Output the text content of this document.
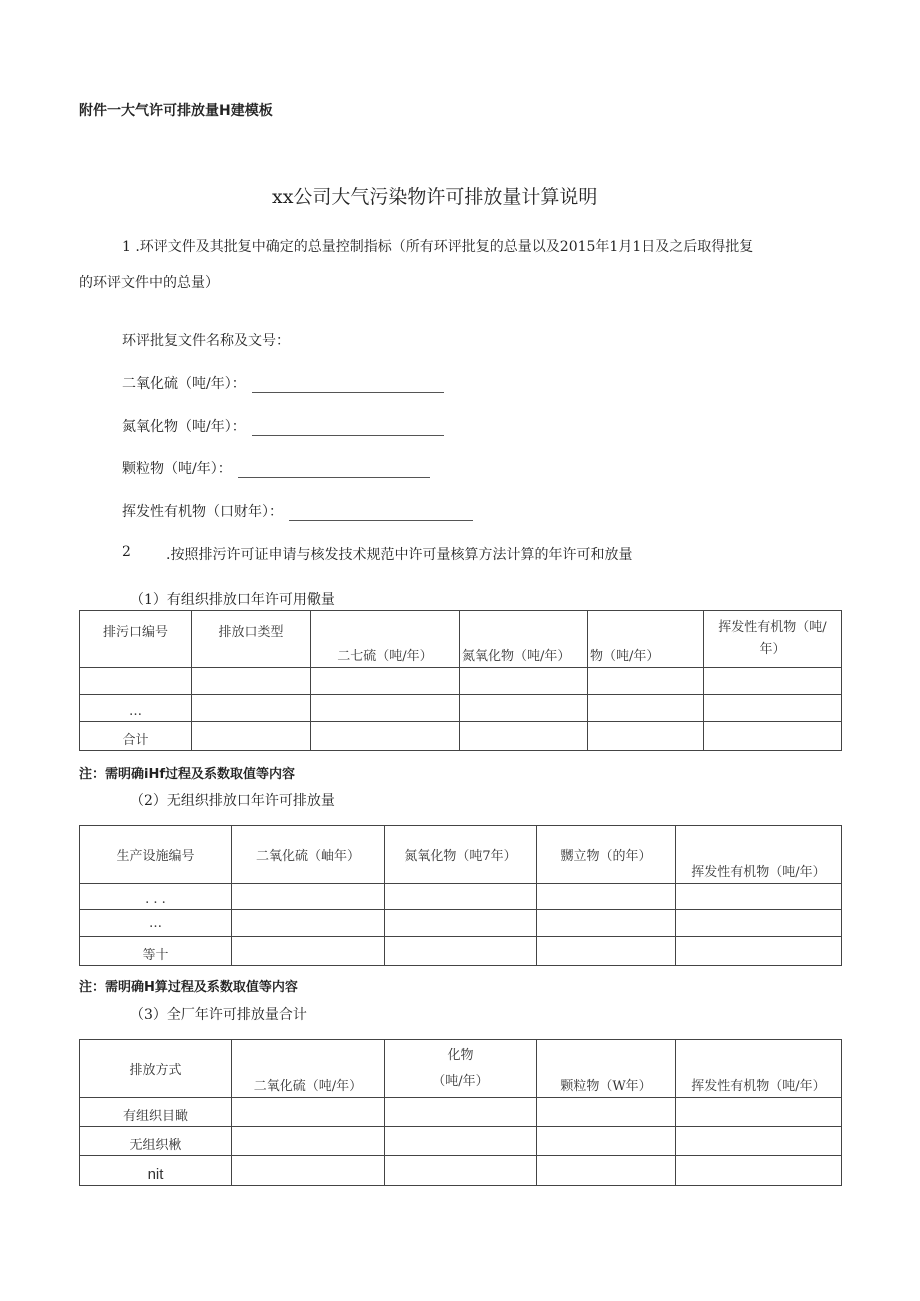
附件一大气许可排放量H建模板
xx公司大气污染物许可排放量计算说明
1 .环评文件及其批复中确定的总量控制指标（所有环评批复的总量以及2015年1月1日及之后取得批复
的环评文件中的总量）
环评批复文件名称及文号：
二氧化硫（吨/年）：
氮氧化物（吨/年）：
颗粒物（吨/年）：
挥发性有机物（口财年）：
2	.按照排污许可证申请与核发技术规范中许可量核算方法计算的年许可和放量
（1）有组织排放口年许可用儆量
排污口编号	排放口类型	二七硫（吨/年）	氮氧化物（吨/年）	物（吨/年）	挥发性有机物（吨/
年）

…					
合计					
注：需明确iHf过程及系数取值等内容
（2）无组织排放口年许可排放量
生产设施编号	二氧化硫（岫年）	氮氧化物（吨7年）	嬲立物（的年）	挥发性有机物（吨/年）
. . .				
…				
等十				
注：需明确H算过程及系数取值等内容
（3）全厂年许可排放量合计
排放方式	二氧化硫（吨/年）	化物
（吨/年）	颗粒物（W年）	挥发性有机物（吨/年）
有组织目瞰				
无组织楸				
nit				
